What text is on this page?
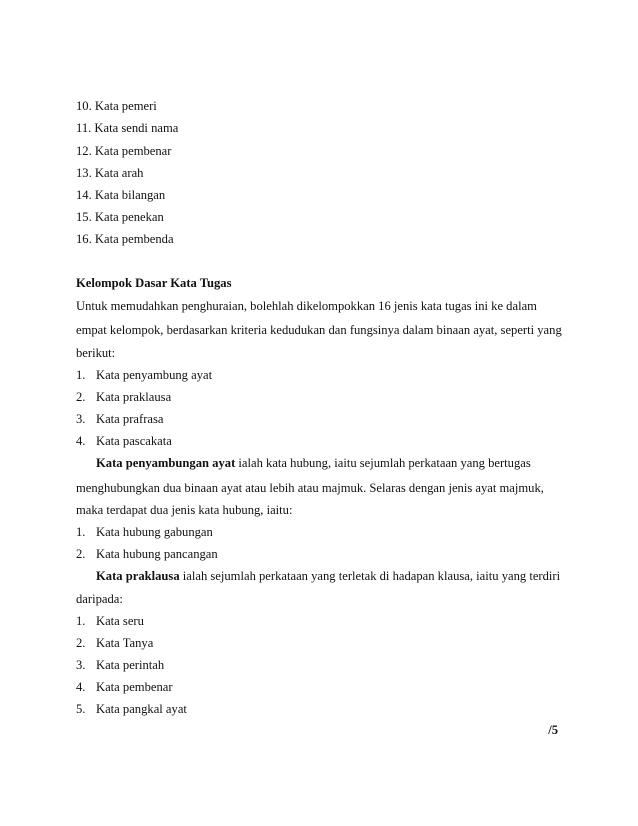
10. Kata pemeri
11. Kata sendi nama
12. Kata pembenar
13. Kata arah
14. Kata bilangan
15. Kata penekan
16. Kata pembenda
Kelompok Dasar Kata Tugas
Untuk memudahkan penghuraian, bolehlah dikelompokkan 16 jenis kata tugas ini ke dalam
empat kelompok, berdasarkan kriteria kedudukan dan fungsinya dalam binaan ayat, seperti yang
berikut:
1. Kata penyambung ayat
2. Kata praklausa
3. Kata prafrasa
4. Kata pascakata
Kata penyambungan ayat ialah kata hubung, iaitu sejumlah perkataan yang bertugas
menghubungkan dua binaan ayat atau lebih atau majmuk. Selaras dengan jenis ayat majmuk,
maka terdapat dua jenis kata hubung, iaitu:
1. Kata hubung gabungan
2. Kata hubung pancangan
Kata praklausa ialah sejumlah perkataan yang terletak di hadapan klausa, iaitu yang terdiri
daripada:
1. Kata seru
2. Kata Tanya
3. Kata perintah
4. Kata pembenar
5. Kata pangkal ayat
/5
